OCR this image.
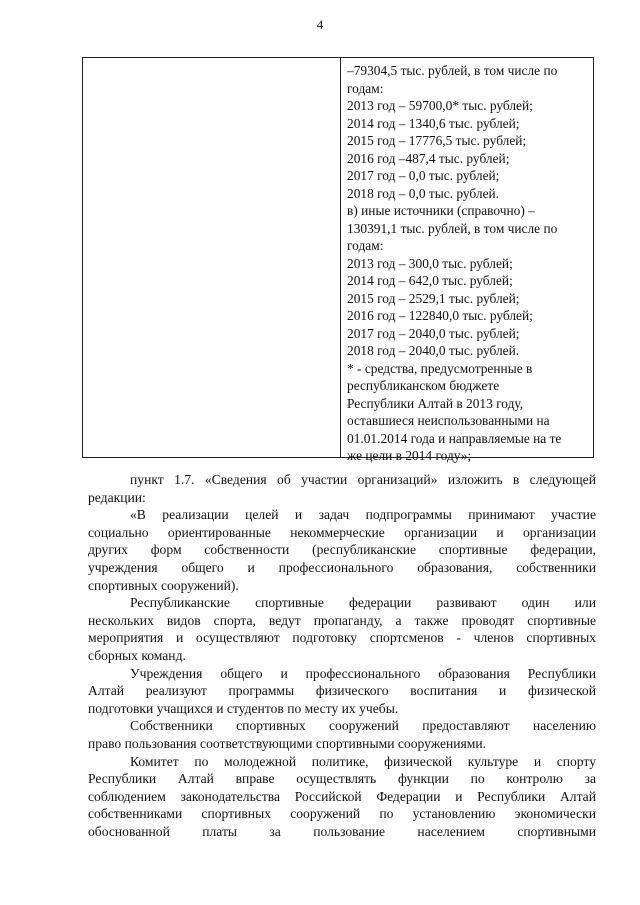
4
–79304,5 тыс. рублей, в том числе по
годам:
2013 год – 59700,0* тыс. рублей;
2014 год – 1340,6 тыс. рублей;
2015 год – 17776,5 тыс. рублей;
2016 год –487,4 тыс. рублей;
2017 год – 0,0 тыс. рублей;
2018 год – 0,0 тыс. рублей.
в) иные источники (справочно) –
130391,1 тыс. рублей, в том числе по
годам:
2013 год – 300,0 тыс. рублей;
2014 год – 642,0 тыс. рублей;
2015 год – 2529,1 тыс. рублей;
2016 год – 122840,0 тыс. рублей;
2017 год – 2040,0 тыс. рублей;
2018 год – 2040,0 тыс. рублей.
* - средства, предусмотренные в
республиканском бюджете
Республики Алтай в 2013 году,
оставшиеся неиспользованными на
01.01.2014 года и направляемые на те
же цели в 2014 году»;

пункт 1.7. «Сведения об участии организаций» изложить в следующей
редакции:

«В реализации целей и задач подпрограммы принимают участие
социально ориентированные некоммерческие организации и организации
других форм собственности (республиканские спортивные федерации,
учреждения общего и профессионального образования, собственники
спортивных сооружений).

Республиканские спортивные федерации развивают один или
нескольких видов спорта, ведут пропаганду, а также проводят спортивные
мероприятия и осуществляют подготовку спортсменов - членов спортивных
сборных команд.

Учреждения общего и профессионального образования Республики
Алтай реализуют программы физического воспитания и физической
подготовки учащихся и студентов по месту их учебы.

Собственники спортивных сооружений предоставляют населению
право пользования соответствующими спортивными сооружениями.

Комитет по молодежной политике, физической культуре и спорту
Республики Алтай вправе осуществлять функции по контролю за
соблюдением законодательства Российской Федерации и Республики Алтай
собственниками спортивных сооружений по установлению экономически
обоснованной платы за пользование населением спортивными
